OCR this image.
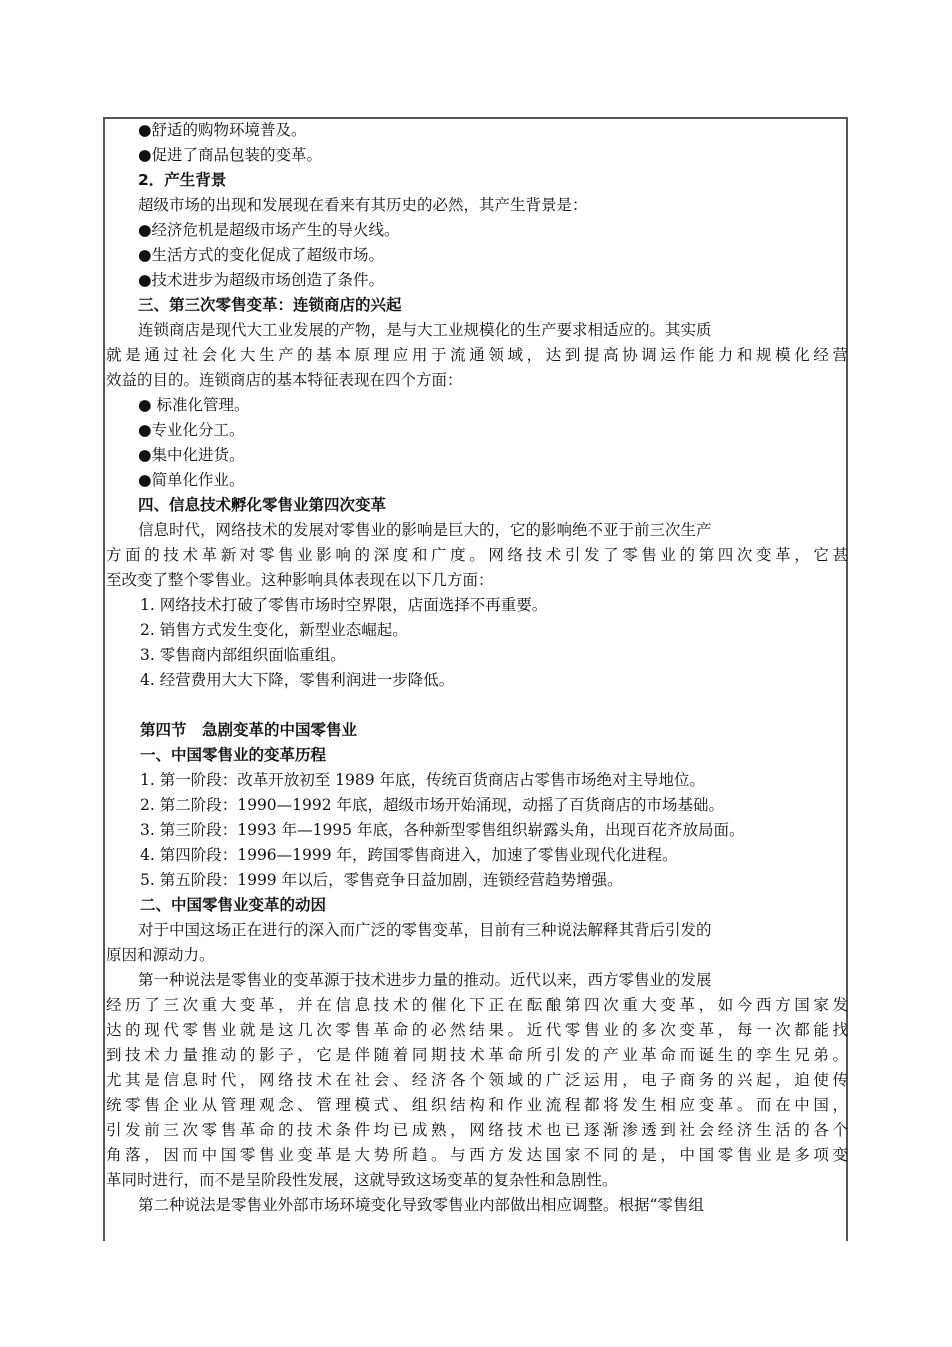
●舒适的购物环境普及。
●促进了商品包装的变革。
2．产生背景
超级市场的出现和发展现在看来有其历史的必然，其产生背景是：
●经济危机是超级市场产生的导火线。
●生活方式的变化促成了超级市场。
●技术进步为超级市场创造了条件。
三、第三次零售变革：连锁商店的兴起
连锁商店是现代大工业发展的产物，是与大工业规模化的生产要求相适应的。其实质
就是通过社会化大生产的基本原理应用于流通领域，达到提高协调运作能力和规模化经营
效益的目的。连锁商店的基本特征表现在四个方面：
● 标准化管理。
●专业化分工。
●集中化进货。
●简单化作业。
四、信息技术孵化零售业第四次变革
信息时代，网络技术的发展对零售业的影响是巨大的，它的影响绝不亚于前三次生产
方面的技术革新对零售业影响的深度和广度。网络技术引发了零售业的第四次变革，它甚
至改变了整个零售业。这种影响具体表现在以下几方面：
1. 网络技术打破了零售市场时空界限，店面选择不再重要。
2. 销售方式发生变化，新型业态崛起。
3. 零售商内部组织面临重组。
4. 经营费用大大下降，零售利润进一步降低。
第四节　急剧变革的中国零售业
一、中国零售业的变革历程
1. 第一阶段：改革开放初至 1989 年底，传统百货商店占零售市场绝对主导地位。
2. 第二阶段：1990—1992 年底，超级市场开始涌现，动摇了百货商店的市场基础。
3. 第三阶段：1993 年—1995 年底，各种新型零售组织崭露头角，出现百花齐放局面。
4. 第四阶段：1996—1999 年，跨国零售商进入，加速了零售业现代化进程。
5. 第五阶段：1999 年以后，零售竞争日益加剧，连锁经营趋势增强。
二、中国零售业变革的动因
对于中国这场正在进行的深入而广泛的零售变革，目前有三种说法解释其背后引发的
原因和源动力。
第一种说法是零售业的变革源于技术进步力量的推动。近代以来，西方零售业的发展
经历了三次重大变革，并在信息技术的催化下正在酝酿第四次重大变革，如今西方国家发
达的现代零售业就是这几次零售革命的必然结果。近代零售业的多次变革，每一次都能找
到技术力量推动的影子，它是伴随着同期技术革命所引发的产业革命而诞生的孪生兄弟。
尤其是信息时代，网络技术在社会、经济各个领域的广泛运用，电子商务的兴起，迫使传
统零售企业从管理观念、管理模式、组织结构和作业流程都将发生相应变革。而在中国，
引发前三次零售革命的技术条件均已成熟，网络技术也已逐渐渗透到社会经济生活的各个
角落，因而中国零售业变革是大势所趋。与西方发达国家不同的是，中国零售业是多项变
革同时进行，而不是呈阶段性发展，这就导致这场变革的复杂性和急剧性。
第二种说法是零售业外部市场环境变化导致零售业内部做出相应调整。根据“零售组
